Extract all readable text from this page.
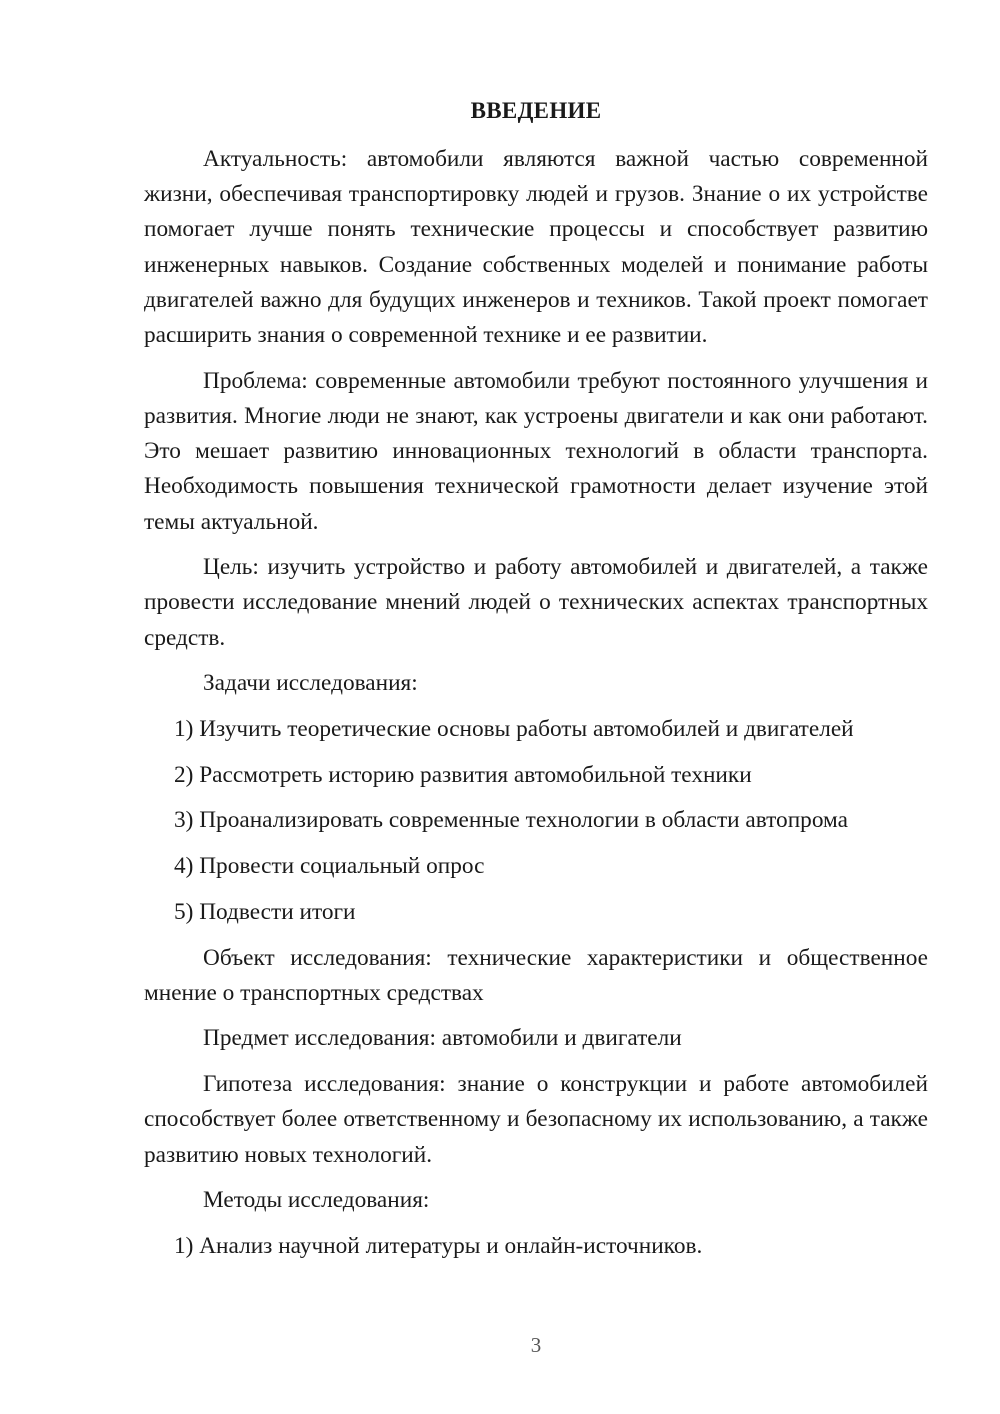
ВВЕДЕНИЕ

Актуальность: автомобили являются важной частью современной жизни, обеспечивая транспортировку людей и грузов. Знание о их устройстве помогает лучше понять технические процессы и способствует развитию инженерных навыков. Создание собственных моделей и понимание работы двигателей важно для будущих инженеров и техников. Такой проект помогает расширить знания о современной технике и ее развитии.

Проблема: современные автомобили требуют постоянного улучшения и развития. Многие люди не знают, как устроены двигатели и как они работают. Это мешает развитию инновационных технологий в области транспорта. Необходимость повышения технической грамотности делает изучение этой темы актуальной.

Цель: изучить устройство и работу автомобилей и двигателей, а также провести исследование мнений людей о технических аспектах транспортных средств.

Задачи исследования:

1) Изучить теоретические основы работы автомобилей и двигателей

2) Рассмотреть историю развития автомобильной техники

3) Проанализировать современные технологии в области автопрома

4) Провести социальный опрос

5) Подвести итоги

Объект исследования: технические характеристики и общественное мнение о транспортных средствах

Предмет исследования: автомобили и двигатели

Гипотеза исследования: знание о конструкции и работе автомобилей способствует более ответственному и безопасному их использованию, а также развитию новых технологий.

Методы исследования:

1) Анализ научной литературы и онлайн-источников.

3
